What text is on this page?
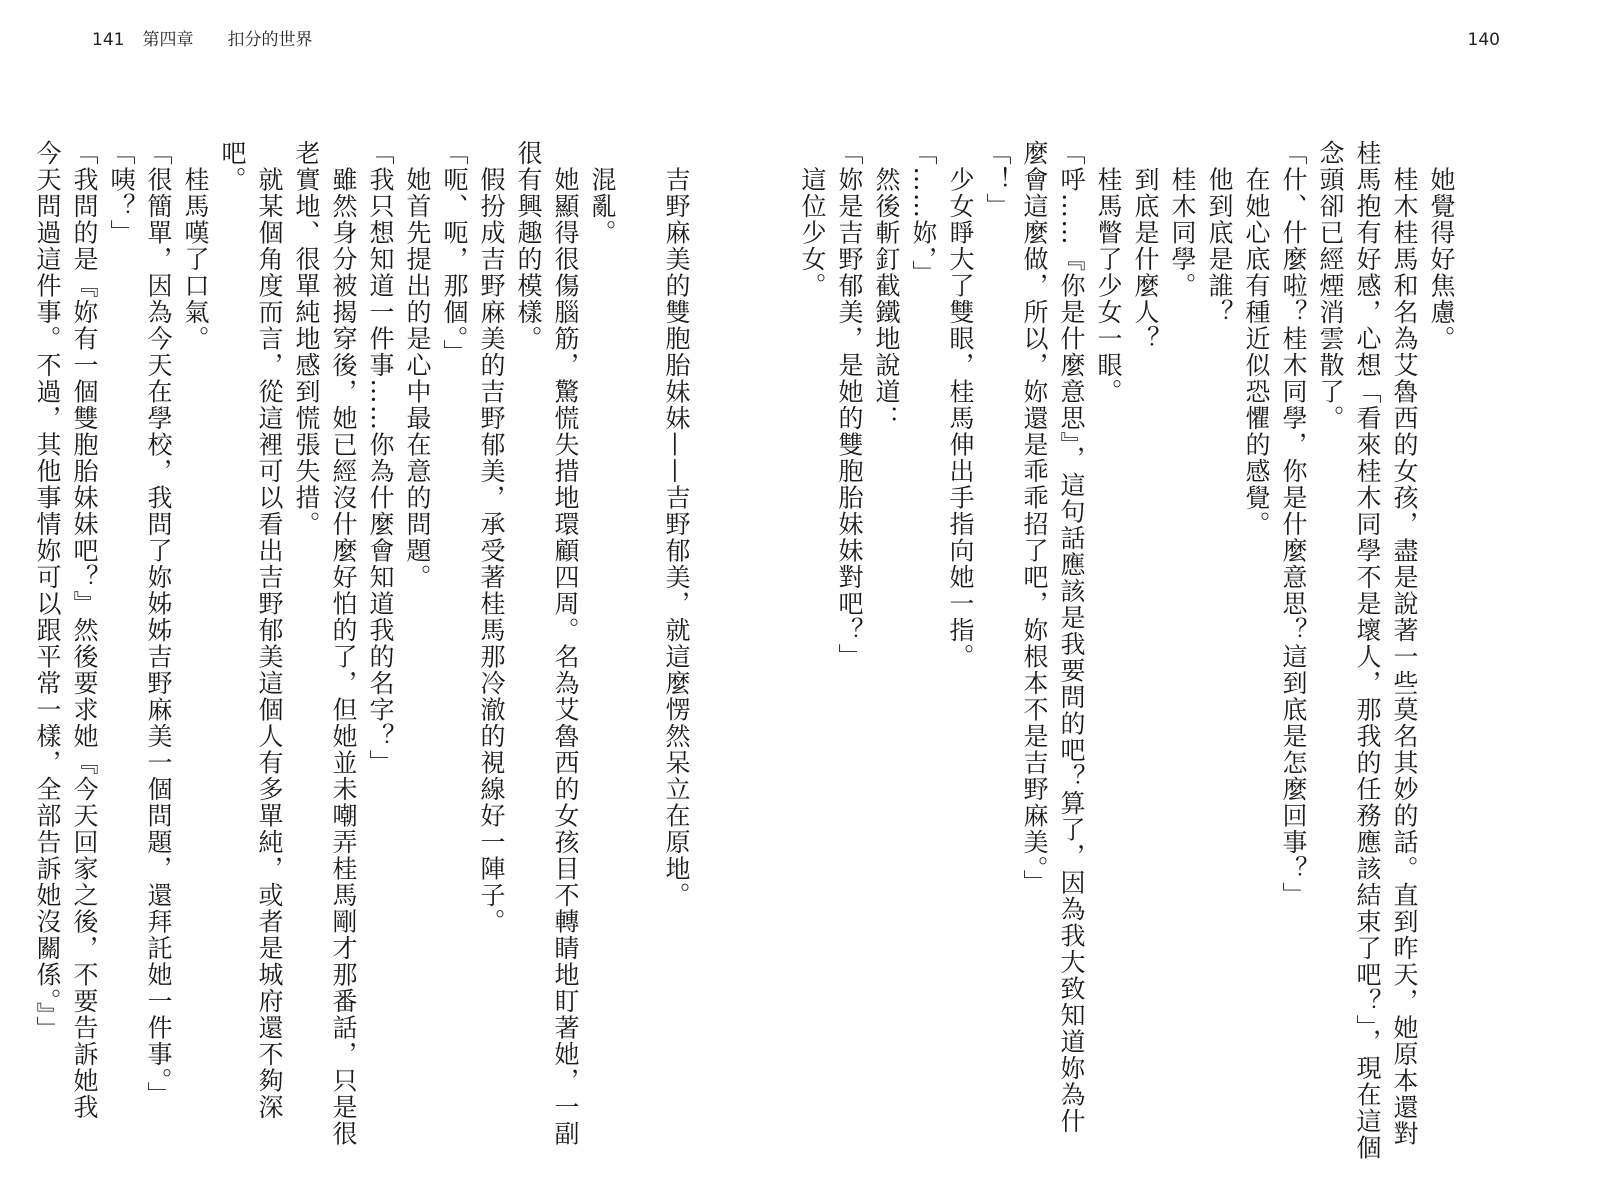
141 第四章 扣分的世界	140
　她覺得好焦慮。
　桂木桂馬和名為艾魯西的女孩，盡是說著一些莫名其妙的話。直到昨天，她原本還對
桂馬抱有好感，心想「看來桂木同學不是壞人，那我的任務應該結束了吧？」，現在這個
念頭卻已經煙消雲散了。
「什、什麼啦？桂木同學，你是什麼意思？這到底是怎麼回事？」
　在她心底有種近似恐懼的感覺。
　他到底是誰？
　桂木同學。
　到底是什麼人？
　桂馬瞥了少女一眼。
「呼……『你是什麼意思』，這句話應該是我要問的吧？算了，因為我大致知道妳為什
麼會這麼做，所以，妳還是乖乖招了吧，妳根本不是吉野麻美。」
「！」
　少女睜大了雙眼，桂馬伸出手指向她一指。
「……妳，」
　然後斬釘截鐵地說道：
「妳是吉野郁美，是她的雙胞胎妹妹對吧？」
　這位少女。
　吉野麻美的雙胞胎妹妹——吉野郁美，就這麼愣然呆立在原地。

　混亂。
　她顯得很傷腦筋，驚慌失措地環顧四周。名為艾魯西的女孩目不轉睛地盯著她，一副
很有興趣的模樣。
　假扮成吉野麻美的吉野郁美，承受著桂馬那冷澈的視線好一陣子。
「呃、呃，那個。」
　她首先提出的是心中最在意的問題。
「我只想知道一件事……你為什麼會知道我的名字？」
　雖然身分被揭穿後，她已經沒什麼好怕的了，但她並未嘲弄桂馬剛才那番話，只是很
老實地、很單純地感到慌張失措。
　就某個角度而言，從這裡可以看出吉野郁美這個人有多單純，或者是城府還不夠深
吧。
　桂馬嘆了口氣。
「很簡單，因為今天在學校，我問了妳姊姊吉野麻美一個問題，還拜託她一件事。」
「咦？」
「我問的是『妳有一個雙胞胎妹妹吧？』然後要求她『今天回家之後，不要告訴她我
今天問過這件事。不過，其他事情妳可以跟平常一樣，全部告訴她沒關係。』」
